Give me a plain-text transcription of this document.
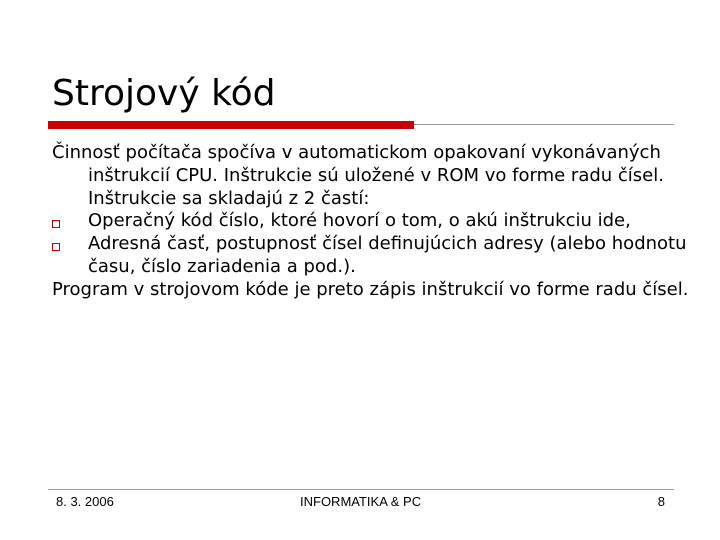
Strojový kód

Činnosť počítača spočíva v automatickom opakovaní vykonávaných inštrukcií CPU. Inštrukcie sú uložené v ROM vo forme radu čísel. Inštrukcie sa skladajú z 2 častí:

Operačný kód číslo, ktoré hovorí o tom, o akú inštrukciu ide,
Adresná časť, postupnosť čísel definujúcich adresy (alebo hodnotu času, číslo zariadenia a pod.).

Program v strojovom kóde je preto zápis inštrukcií vo forme radu čísel.

8. 3. 2006	INFORMATIKA & PC	8
